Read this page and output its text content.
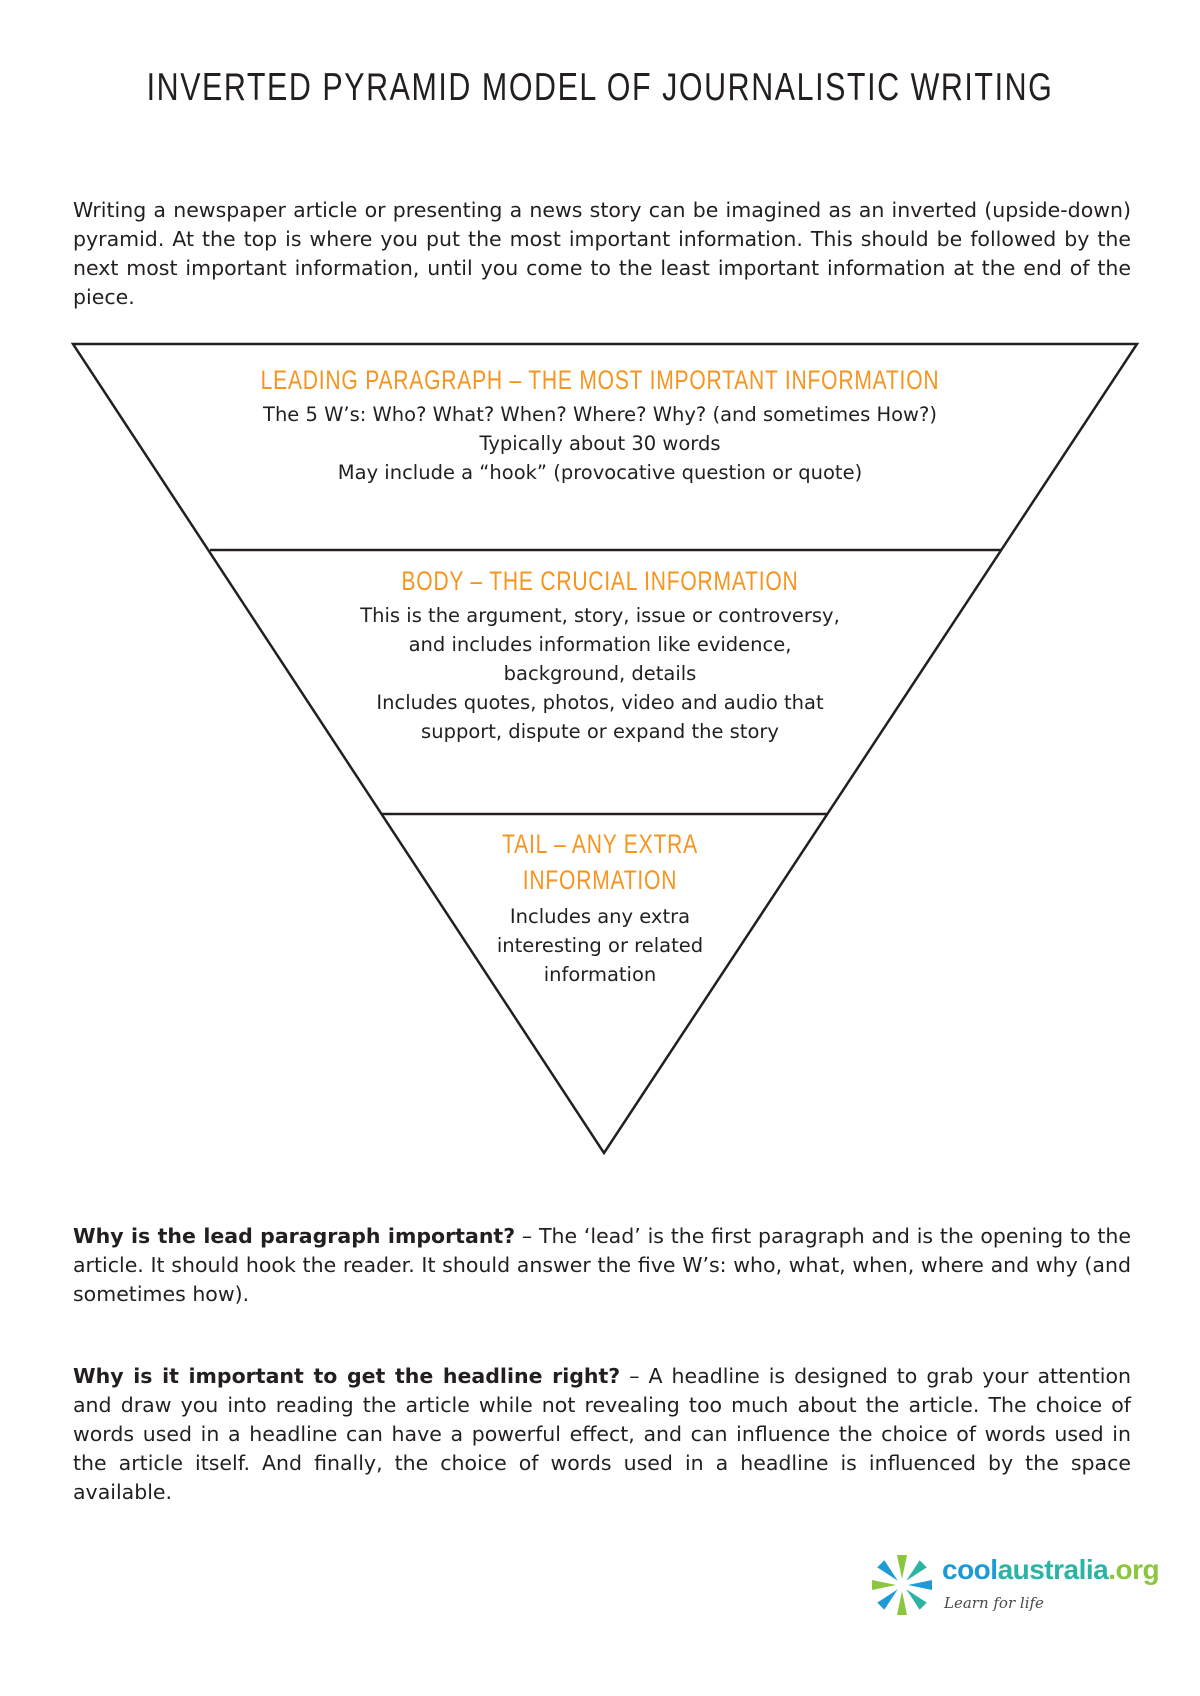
INVERTED PYRAMID MODEL OF JOURNALISTIC WRITING

Writing a newspaper article or presenting a news story can be imagined as an inverted (upside-down) pyramid. At the top is where you put the most important information. This should be followed by the next most important information, until you come to the least important information at the end of the piece.

LEADING PARAGRAPH – THE MOST IMPORTANT INFORMATION
The 5 W’s: Who? What? When? Where? Why? (and sometimes How?)
Typically about 30 words
May include a “hook” (provocative question or quote)
BODY – THE CRUCIAL INFORMATION
This is the argument, story, issue or controversy,
and includes information like evidence,
background, details
Includes quotes, photos, video and audio that
support, dispute or expand the story
TAIL – ANY EXTRA
INFORMATION
Includes any extra
interesting or related
information

Why is the lead paragraph important? – The ‘lead’ is the first paragraph and is the opening to the article. It should hook the reader. It should answer the five W’s: who, what, when, where and why (and sometimes how).

Why is it important to get the headline right? – A headline is designed to grab your attention and draw you into reading the article while not revealing too much about the article. The choice of words used in a headline can have a powerful effect, and can influence the choice of words used in the article itself. And finally, the choice of words used in a headline is influenced by the space available.

coolaustralia.org
Learn for life
